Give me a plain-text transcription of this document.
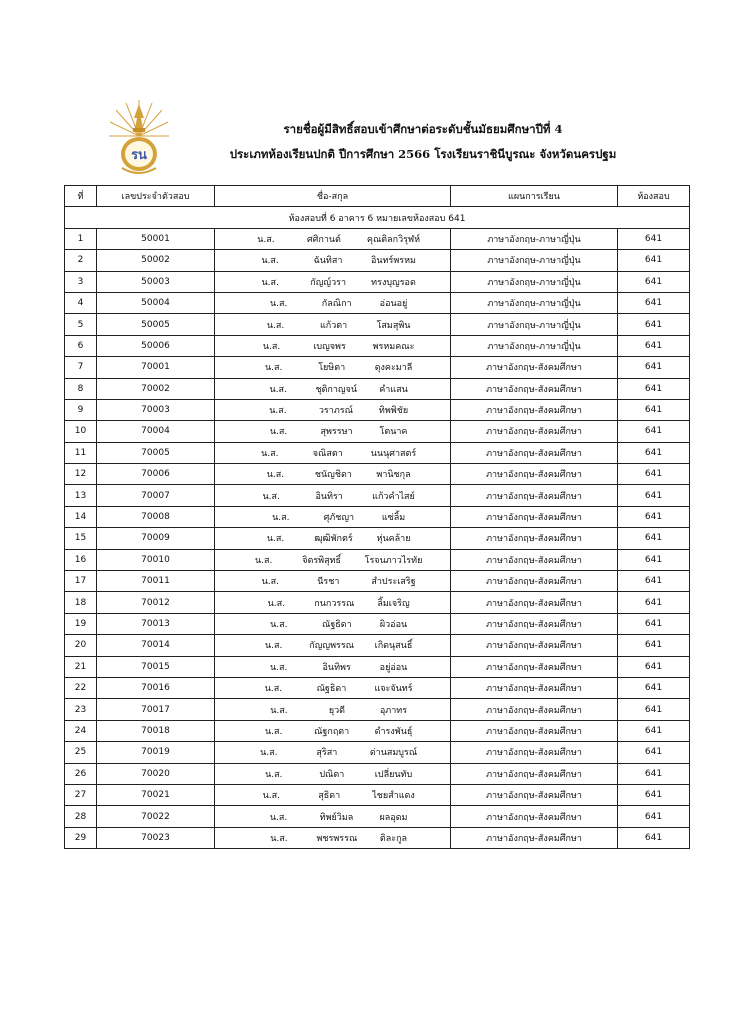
รน
รายชื่อผู้มีสิทธิ์สอบเข้าศึกษาต่อระดับชั้นมัธยมศึกษาปีที่ 4
ประเภทห้องเรียนปกติ ปีการศึกษา 2566 โรงเรียนราชินีบูรณะ จังหวัดนครปฐม
ที่	เลขประจำตัวสอบ	ชื่อ-สกุล	แผนการเรียน	ห้องสอบ
ห้องสอบที่ 6 อาคาร 6 หมายเลขห้องสอบ 641				
1	50001	น.ส. ศศิกานต์ คุณติลกวิรุฬห์	ภาษาอังกฤษ-ภาษาญี่ปุ่น	641
2	50002	น.ส. ฉันทิสา อินทร์พรหม	ภาษาอังกฤษ-ภาษาญี่ปุ่น	641
3	50003	น.ส. กัญญ์วรา ทรงบุญรอด	ภาษาอังกฤษ-ภาษาญี่ปุ่น	641
4	50004	น.ส. กัลณิกา อ่อนอยู่	ภาษาอังกฤษ-ภาษาญี่ปุ่น	641
5	50005	น.ส. แก้วตา โสมสุพิน	ภาษาอังกฤษ-ภาษาญี่ปุ่น	641
6	50006	น.ส. เบญจพร พรหมคณะ	ภาษาอังกฤษ-ภาษาญี่ปุ่น	641
7	70001	น.ส. โยษิตา ดุงคะมาลี	ภาษาอังกฤษ-สังคมศึกษา	641
8	70002	น.ส. ชุติกาญจน์ คำแสน	ภาษาอังกฤษ-สังคมศึกษา	641
9	70003	น.ส. วราภรณ์ ทิพพิชัย	ภาษาอังกฤษ-สังคมศึกษา	641
10	70004	น.ส. สุพรรษา โตนาค	ภาษาอังกฤษ-สังคมศึกษา	641
11	70005	น.ส. จณิสตา นนนุศาสตร์	ภาษาอังกฤษ-สังคมศึกษา	641
12	70006	น.ส. ชนัญชิดา พานิชกุล	ภาษาอังกฤษ-สังคมศึกษา	641
13	70007	น.ส. อินทิรา แก้วคำไสย์	ภาษาอังกฤษ-สังคมศึกษา	641
14	70008	น.ส. ศุภัชญา แซ่ลิ้ม	ภาษาอังกฤษ-สังคมศึกษา	641
15	70009	น.ส. ฒุฒิพักตร์ หุ่นคล้าย	ภาษาอังกฤษ-สังคมศึกษา	641
16	70010	น.ส. จิตรพิสุทธิ์ โรจนภาวไรทัย	ภาษาอังกฤษ-สังคมศึกษา	641
17	70011	น.ส. นีรชา สำประเสริฐ	ภาษาอังกฤษ-สังคมศึกษา	641
18	70012	น.ส. กนกวรรณ ลิ้มเจริญ	ภาษาอังกฤษ-สังคมศึกษา	641
19	70013	น.ส. ณัฐธิดา ผิวอ่อน	ภาษาอังกฤษ-สังคมศึกษา	641
20	70014	น.ส. กัญญพรรณ เกิดนุสนธิ์	ภาษาอังกฤษ-สังคมศึกษา	641
21	70015	น.ส. อินทิพร อยู่อ่อน	ภาษาอังกฤษ-สังคมศึกษา	641
22	70016	น.ส. ณัฐธิดา แจะจันทร์	ภาษาอังกฤษ-สังคมศึกษา	641
23	70017	น.ส. ยุวดี อุภาทร	ภาษาอังกฤษ-สังคมศึกษา	641
24	70018	น.ส. ณัฐกฤตา ดำรงพันธุ์	ภาษาอังกฤษ-สังคมศึกษา	641
25	70019	น.ส. สุริสา ด่านสมบูรณ์	ภาษาอังกฤษ-สังคมศึกษา	641
26	70020	น.ส. ปณิตา เปลี่ยนทับ	ภาษาอังกฤษ-สังคมศึกษา	641
27	70021	น.ส. สุธิดา ไชยสำแดง	ภาษาอังกฤษ-สังคมศึกษา	641
28	70022	น.ส. ทิพย์วิมล ผลอุดม	ภาษาอังกฤษ-สังคมศึกษา	641
29	70023	น.ส. พชรพรรณ ติละกูล	ภาษาอังกฤษ-สังคมศึกษา	641
